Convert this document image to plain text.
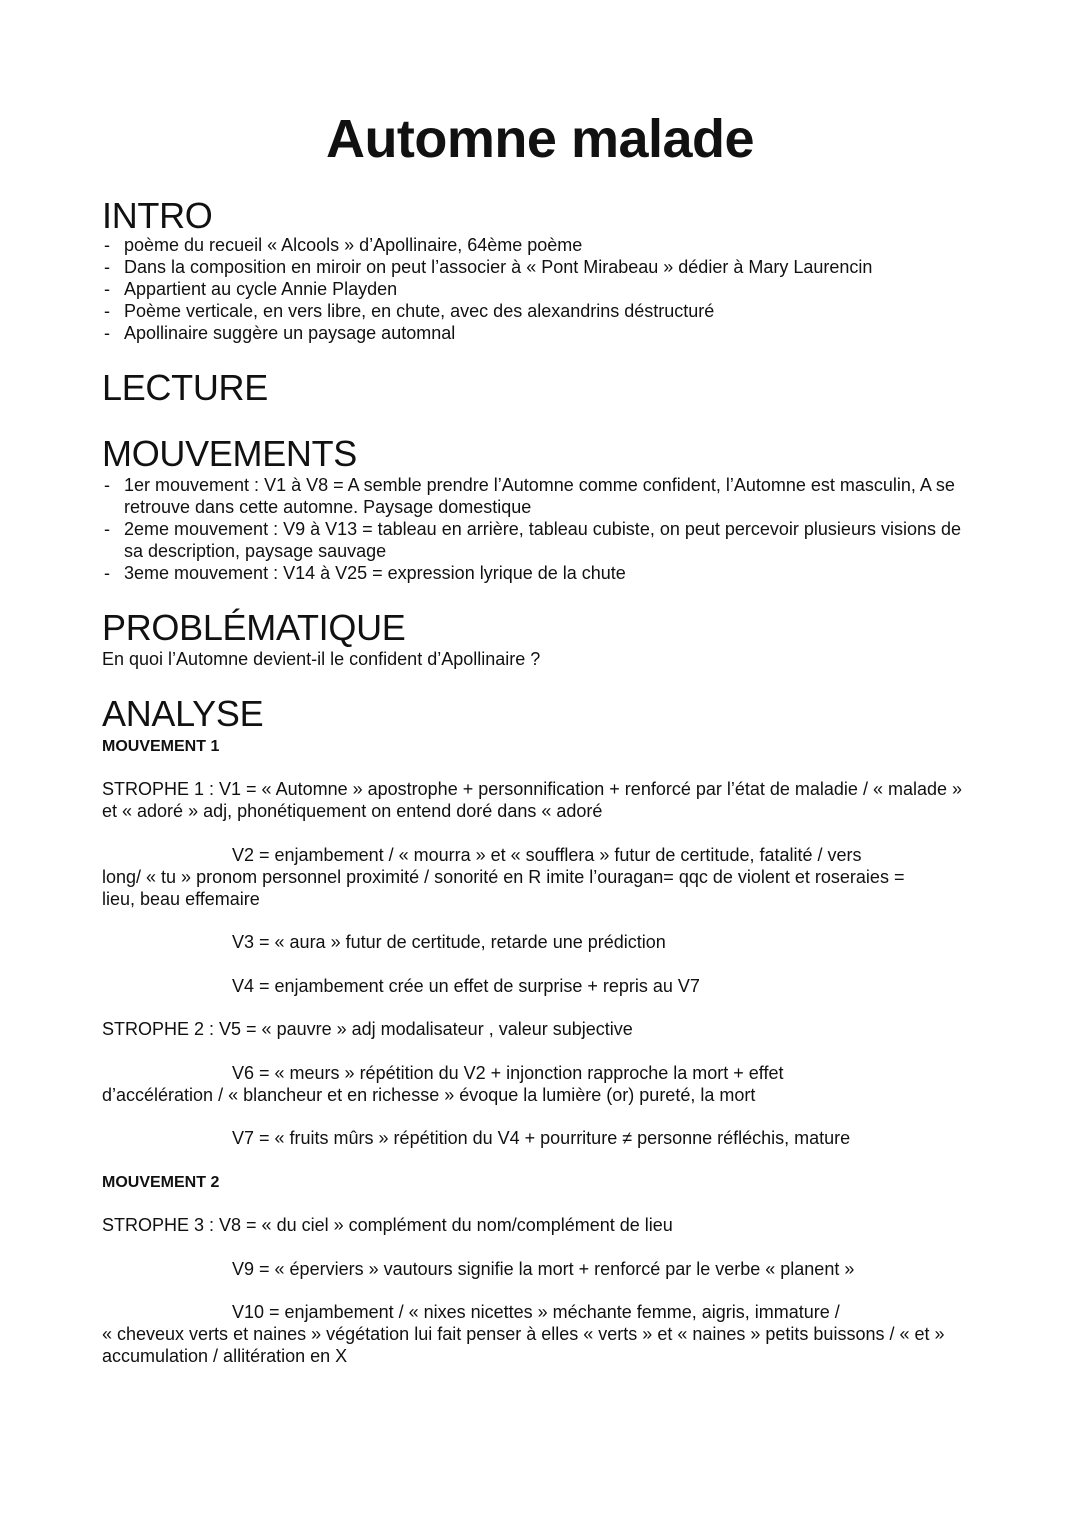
Automne malade
INTRO
- poème du recueil « Alcools » d’Apollinaire, 64ème poème
- Dans la composition en miroir on peut l’associer à « Pont Mirabeau » dédier à Mary Laurencin
- Appartient au cycle Annie Playden
- Poème verticale, en vers libre, en chute, avec des alexandrins déstructuré
- Apollinaire suggère un paysage automnal
LECTURE
MOUVEMENTS
- 1er mouvement : V1 à V8 = A semble prendre l’Automne comme confident, l’Automne est masculin, A se retrouve dans cette automne. Paysage domestique
- 2eme mouvement : V9 à V13 = tableau en arrière, tableau cubiste, on peut percevoir plusieurs visions de sa description, paysage sauvage
- 3eme mouvement : V14 à V25 = expression lyrique de la chute
PROBLÉMATIQUE

En quoi l’Automne devient-il le confident d’Apollinaire ?

ANALYSE

MOUVEMENT 1

STROPHE 1 : V1 = « Automne » apostrophe + personnification + renforcé par l’état de maladie / « malade » et « adoré » adj, phonétiquement on entend doré dans « adoré

V2 = enjambement / « mourra » et « soufflera » futur de certitude, fatalité / vers

long/ « tu » pronom personnel proximité / sonorité en R imite l’ouragan= qqc de violent et roseraies = lieu, beau effemaire

V3 = « aura » futur de certitude, retarde une prédiction

V4 = enjambement crée un effet de surprise + repris au V7

STROPHE 2 : V5 = « pauvre » adj modalisateur , valeur subjective

V6 = « meurs » répétition du V2 + injonction rapproche la mort + effet

d’accélération / « blancheur et en richesse » évoque la lumière (or) pureté, la mort

V7 = « fruits mûrs » répétition du V4 + pourriture ≠ personne réfléchis, mature

MOUVEMENT 2

STROPHE 3 : V8 = « du ciel » complément du nom/complément de lieu

V9 = « éperviers » vautours signifie la mort + renforcé par le verbe « planent »

V10 = enjambement / « nixes nicettes » méchante femme, aigris, immature /

« cheveux verts et naines » végétation lui fait penser à elles « verts » et « naines » petits buissons / « et » accumulation / allitération en X
